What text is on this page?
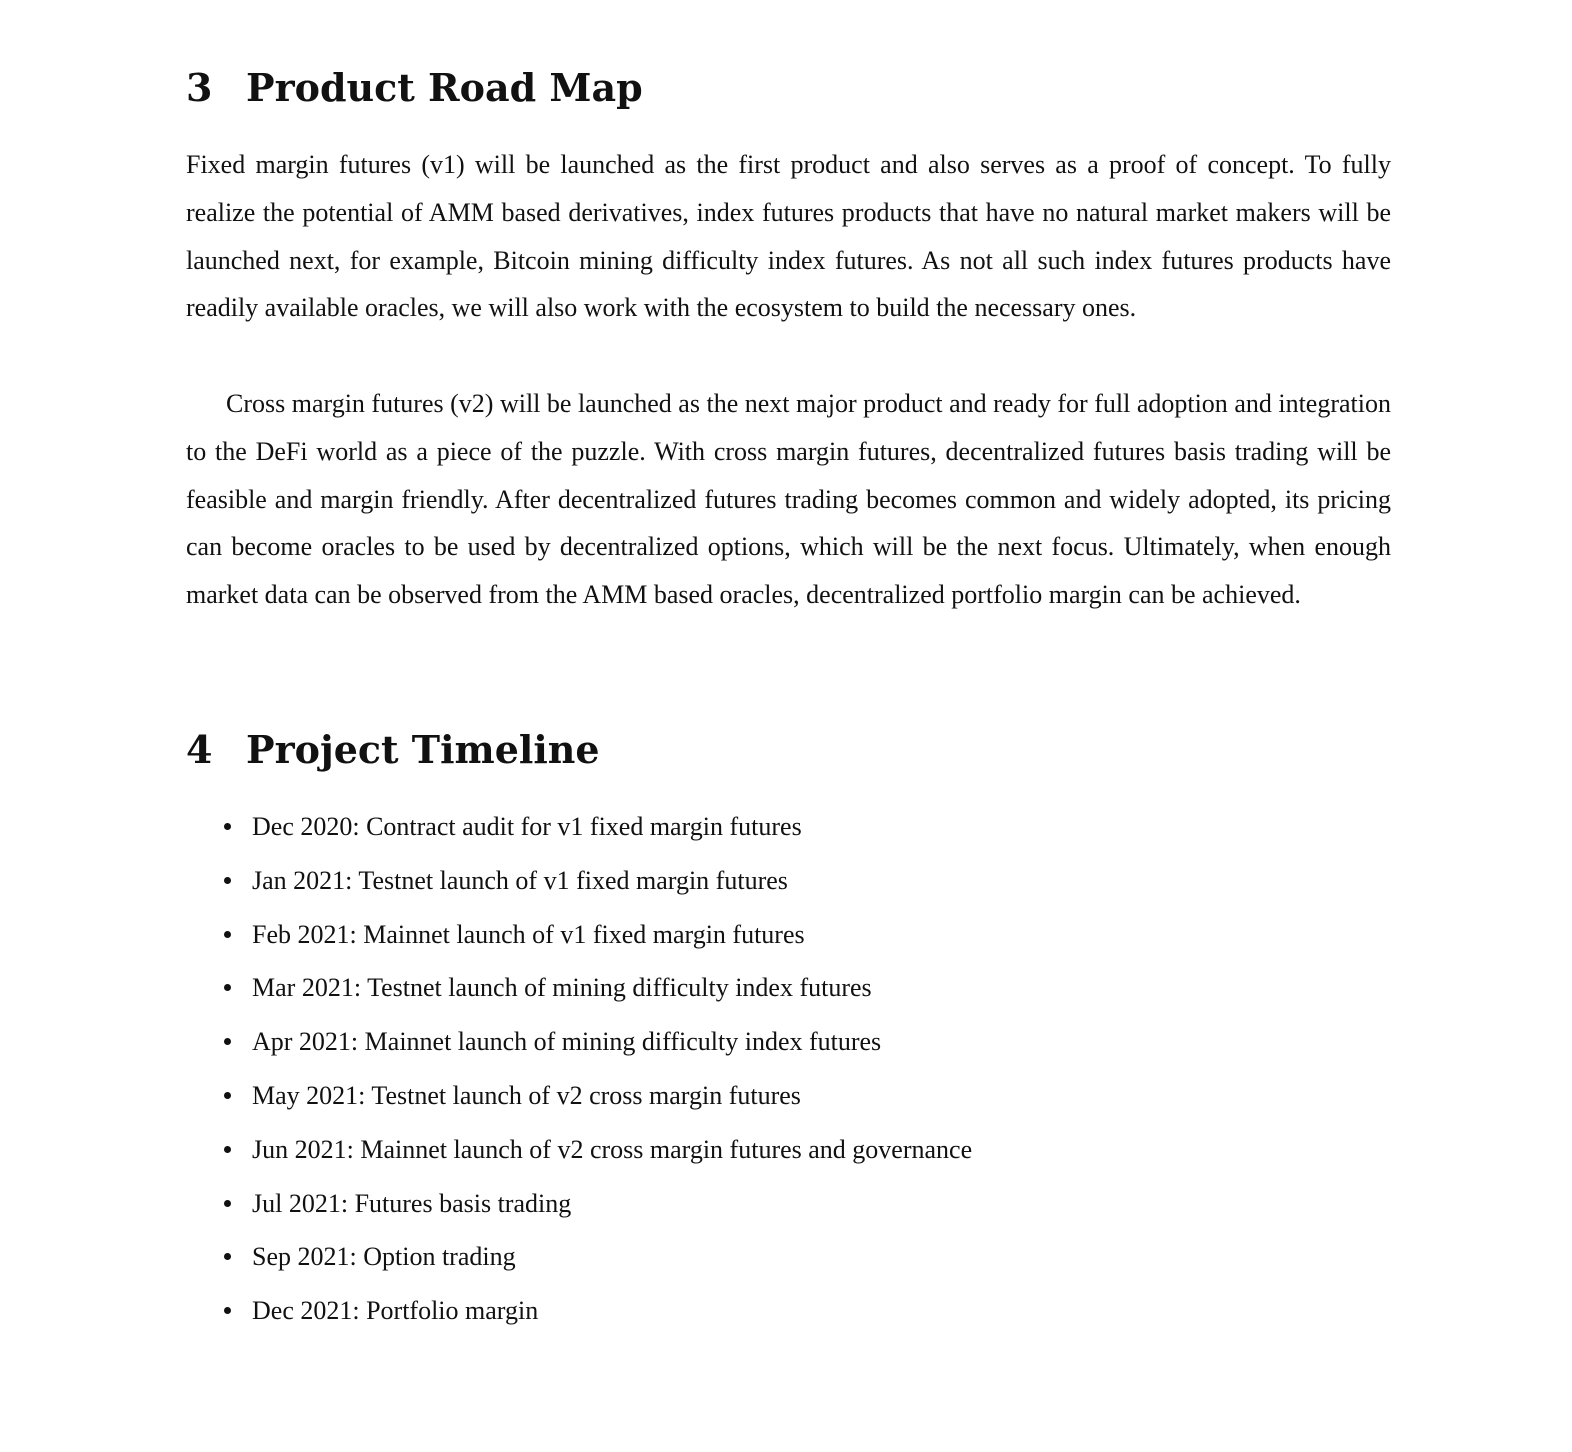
3 Product Road Map

Fixed margin futures (v1) will be launched as the first product and also serves as a proof of concept. To fully realize the potential of AMM based derivatives, index futures products that have no natural market makers will be launched next, for example, Bitcoin mining difficulty index futures. As not all such index futures products have readily available oracles, we will also work with the ecosystem to build the necessary ones.

Cross margin futures (v2) will be launched as the next major product and ready for full adoption and integration to the DeFi world as a piece of the puzzle. With cross margin futures, decentralized futures basis trading will be feasible and margin friendly. After decentralized futures trading becomes common and widely adopted, its pricing can become oracles to be used by decentralized options, which will be the next focus. Ultimately, when enough market data can be observed from the AMM based oracles, decentralized portfolio margin can be achieved.

4 Project Timeline
Dec 2020: Contract audit for v1 fixed margin futures
Jan 2021: Testnet launch of v1 fixed margin futures
Feb 2021: Mainnet launch of v1 fixed margin futures
Mar 2021: Testnet launch of mining difficulty index futures
Apr 2021: Mainnet launch of mining difficulty index futures
May 2021: Testnet launch of v2 cross margin futures
Jun 2021: Mainnet launch of v2 cross margin futures and governance
Jul 2021: Futures basis trading
Sep 2021: Option trading
Dec 2021: Portfolio margin
